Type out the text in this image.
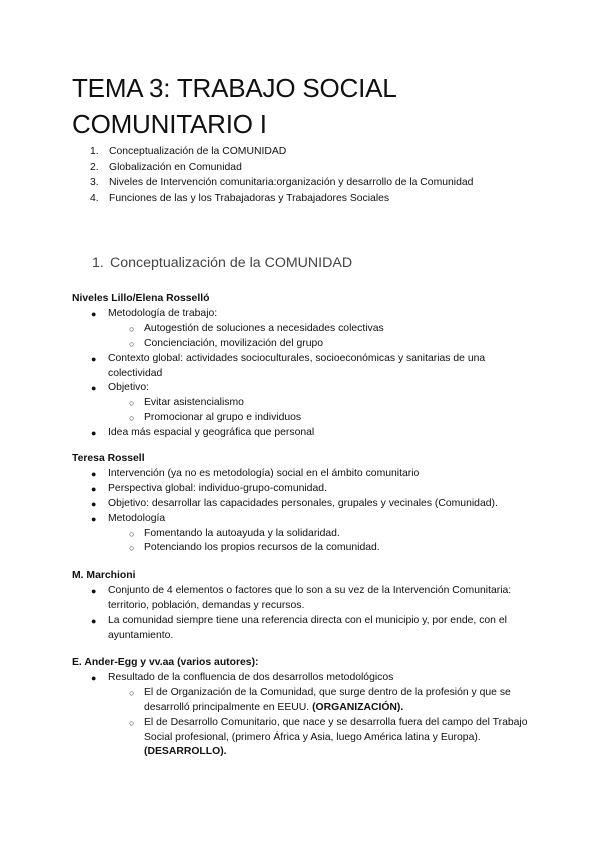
TEMA 3: TRABAJO SOCIAL
COMUNITARIO I
1. Conceptualización de la COMUNIDAD
2. Globalización en Comunidad
3. Niveles de Intervención comunitaria:organización y desarrollo de la Comunidad
4. Funciones de las y los Trabajadoras y Trabajadores Sociales
1. Conceptualización de la COMUNIDAD

Niveles Lillo/Elena Rosselló

● Metodología de trabajo:
○ Autogestión de soluciones a necesidades colectivas
○ Concienciación, movilización del grupo
● Contexto global: actividades socioculturales, socioeconómicas y sanitarias de una colectividad
● Objetivo:
○ Evitar asistencialismo
○ Promocionar al grupo e individuos
● Idea más espacial y geográfica que personal

Teresa Rossell

● Intervención (ya no es metodología) social en el ámbito comunitario
● Perspectiva global: individuo-grupo-comunidad.
● Objetivo: desarrollar las capacidades personales, grupales y vecinales (Comunidad).
● Metodología
○ Fomentando la autoayuda y la solidaridad.
○ Potenciando los propios recursos de la comunidad.

M. Marchioni

● Conjunto de 4 elementos o factores que lo son a su vez de la Intervención Comunitaria: territorio, población, demandas y recursos.
● La comunidad siempre tiene una referencia directa con el municipio y, por ende, con el ayuntamiento.

E. Ander-Egg y vv.aa (varios autores):

● Resultado de la confluencia de dos desarrollos metodológicos
○ El de Organización de la Comunidad, que surge dentro de la profesión y que se desarrolló principalmente en EEUU. (ORGANIZACIÓN).
○ El de Desarrollo Comunitario, que nace y se desarrolla fuera del campo del Trabajo Social profesional, (primero África y Asia, luego América latina y Europa). (DESARROLLO).
